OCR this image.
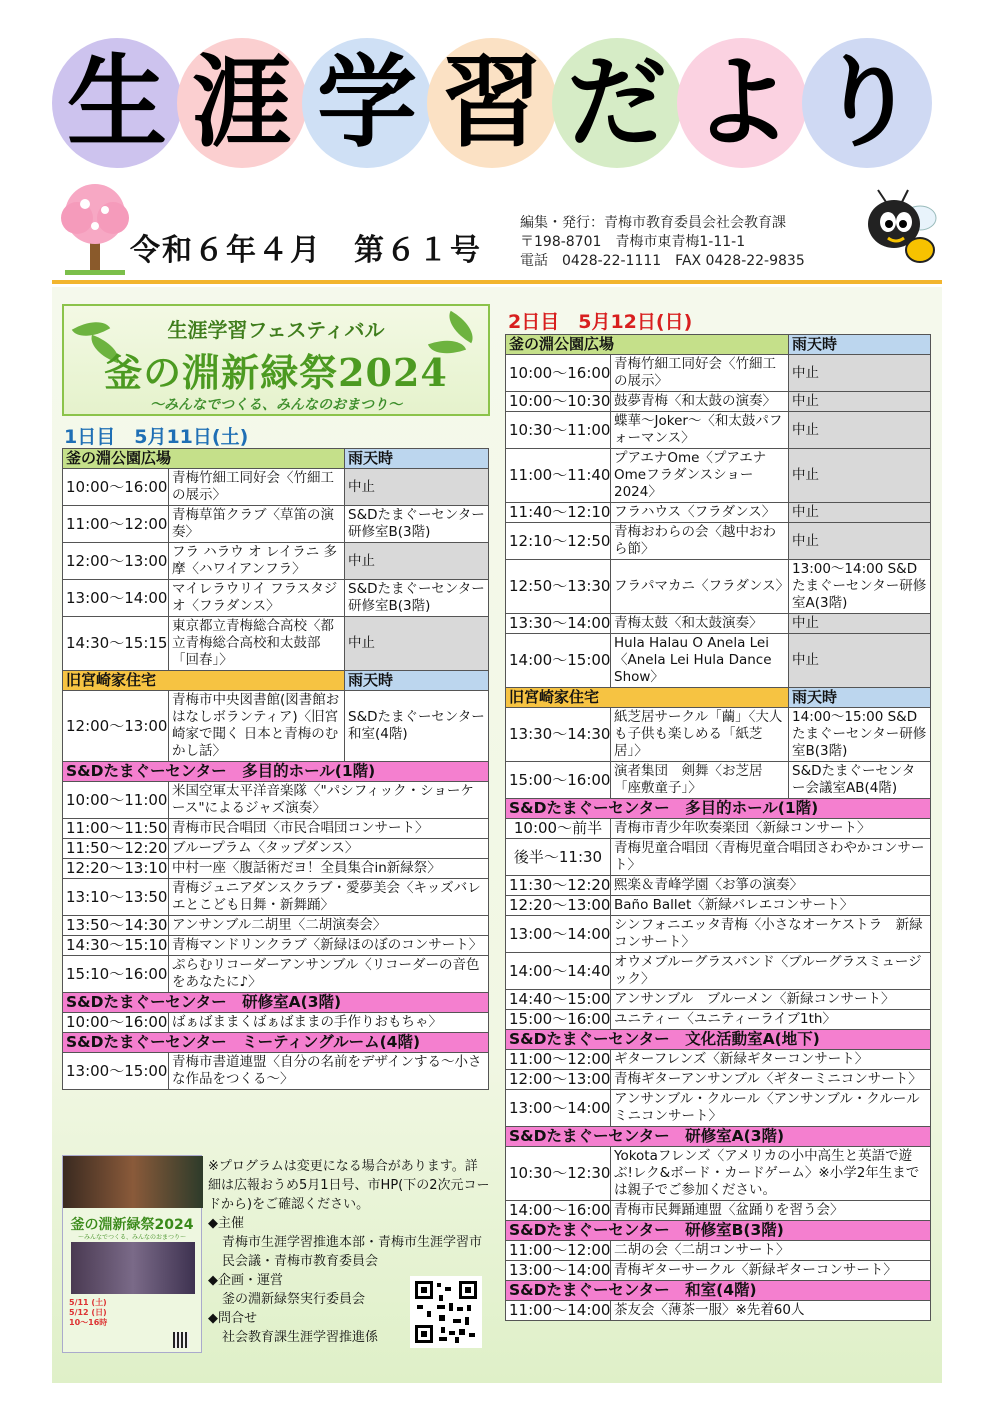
生 涯 学 習 だ よ り
令和６年４月　第６１号
編集・発行：青梅市教育委員会社会教育課
〒198-8701　青梅市東青梅1-11-1
電話　0428-22-1111　FAX 0428-22-9835
生涯学習フェスティバル
釜の淵新緑祭2024
～みんなでつくる、みんなのおまつり～
1日目　5月11日(土)
2日目　5月12日(日)
釜の淵公園広場		雨天時
10:00～16:00	青梅竹細工同好会〈竹細工の展示〉	中止
11:00～12:00	青梅草笛クラブ〈草笛の演奏〉	S&Dたまぐーセンター研修室B(3階)
12:00～13:00	フラ ハラウ オ レイラニ 多摩〈ハワイアンフラ〉	中止
13:00～14:00	マイレラウリイ フラスタジオ〈フラダンス〉	S&Dたまぐーセンター研修室B(3階)
14:30～15:15	東京都立青梅総合高校〈都立青梅総合高校和太鼓部「回春」〉	中止
旧宮崎家住宅		雨天時
12:00～13:00	青梅市中央図書館(図書館おはなしボランティア)〈旧宮崎家で聞く 日本と青梅のむかし話〉	S&Dたまぐーセンター和室(4階)
S&Dたまぐーセンター　多目的ホール(1階)		
10:00～11:00	米国空軍太平洋音楽隊〈"パシフィック・ショーケース"によるジャズ演奏〉	
11:00～11:50	青梅市民合唱団〈市民合唱団コンサート〉	
11:50～12:20	ブループラム〈タップダンス〉	
12:20～13:10	中村一座〈腹話術だヨ！全員集合in新緑祭〉	
13:10～13:50	青梅ジュニアダンスクラブ・愛夢美会〈キッズバレエとこども日舞・新舞踊〉	
13:50～14:30	アンサンブル二胡里〈二胡演奏会〉	
14:30～15:10	青梅マンドリンクラブ〈新緑ほのぼのコンサート〉	
15:10～16:00	ぷらむリコーダーアンサンブル〈リコーダーの音色をあなたに♪〉	
S&Dたまぐーセンター　研修室A(3階)		
10:00～16:00	ばぁばままくばぁばままの手作りおもちゃ〉	
S&Dたまぐーセンター　ミーティングルーム(4階)		
13:00～15:00	青梅市書道連盟〈自分の名前をデザインする～小さな作品をつくる～〉	
釜の淵公園広場		雨天時
10:00～16:00	青梅竹細工同好会〈竹細工の展示〉	中止
10:00～10:30	鼓夢青梅〈和太鼓の演奏〉	中止
10:30～11:00	蝶華～Joker～〈和太鼓パフォーマンス〉	中止
11:00～11:40	プアエナOme〈プアエナOmeフラダンスショー2024〉	中止
11:40～12:10	フラハウス〈フラダンス〉	中止
12:10～12:50	青梅おわらの会〈越中おわら節〉	中止
12:50～13:30	フラパマカニ〈フラダンス〉	13:00～14:00 S&Dたまぐーセンター研修室A(3階)
13:30～14:00	青梅太鼓〈和太鼓演奏〉	中止
14:00～15:00	Hula Halau O Anela Lei〈Anela Lei Hula Dance Show〉	中止
旧宮崎家住宅		雨天時
13:30～14:30	紙芝居サークル「繭」〈大人も子供も楽しめる「紙芝居」〉	14:00～15:00 S&Dたまぐーセンター研修室B(3階)
15:00～16:00	演者集団　剣舞〈お芝居「座敷童子」〉	S&Dたまぐーセンター会議室AB(4階)
S&Dたまぐーセンター　多目的ホール(1階)		
10:00～前半	青梅市青少年吹奏楽団〈新緑コンサート〉	
後半～11:30	青梅児童合唱団〈青梅児童合唱団さわやかコンサート〉	
11:30～12:20	熙楽＆青峰学園〈お箏の演奏〉	
12:20～13:00	Baño Ballet〈新緑バレエコンサート〉	
13:00～14:00	シンフォニエッタ青梅〈小さなオーケストラ　新緑コンサート〉	
14:00～14:40	オウメブルーグラスバンド〈ブルーグラスミュージック〉	
14:40～15:00	アンサンブル　ブルーメン〈新緑コンサート〉	
15:00～16:00	ユニティー〈ユニティーライブ1th〉	
S&Dたまぐーセンター　文化活動室A(地下)		
11:00～12:00	ギターフレンズ〈新緑ギターコンサート〉	
12:00～13:00	青梅ギターアンサンブル〈ギターミニコンサート〉	
13:00～14:00	アンサンブル・クルール〈アンサンブル・クルール　ミニコンサート〉	
S&Dたまぐーセンター　研修室A(3階)		
10:30～12:30	Yokotaフレンズ〈アメリカの小中高生と英語で遊ぶ!レク&ボード・カードゲーム〉※小学2年生までは親子でご参加ください。	
14:00～16:00	青梅市民舞踊連盟〈盆踊りを習う会〉	
S&Dたまぐーセンター　研修室B(3階)		
11:00～12:00	二胡の会〈二胡コンサート〉	
13:00～14:00	青梅ギターサークル〈新緑ギターコンサート〉	
S&Dたまぐーセンター　和室(4階)		
11:00～14:00	茶友会〈薄茶一服〉※先着60人	
釜の淵新緑祭2024
～みんなでつくる、みんなのおまつり～
5/11 (土)
5/12 (日)
10～16時

※プログラムは変更になる場合があります。詳細は広報おうめ5月1日号、市HP(下の2次元コードから)をご確認ください。

◆主催

青梅市生涯学習推進本部・青梅市生涯学習市民会議・青梅市教育委員会

◆企画・運営

釜の淵新緑祭実行委員会

◆問合せ

社会教育課生涯学習推進係
